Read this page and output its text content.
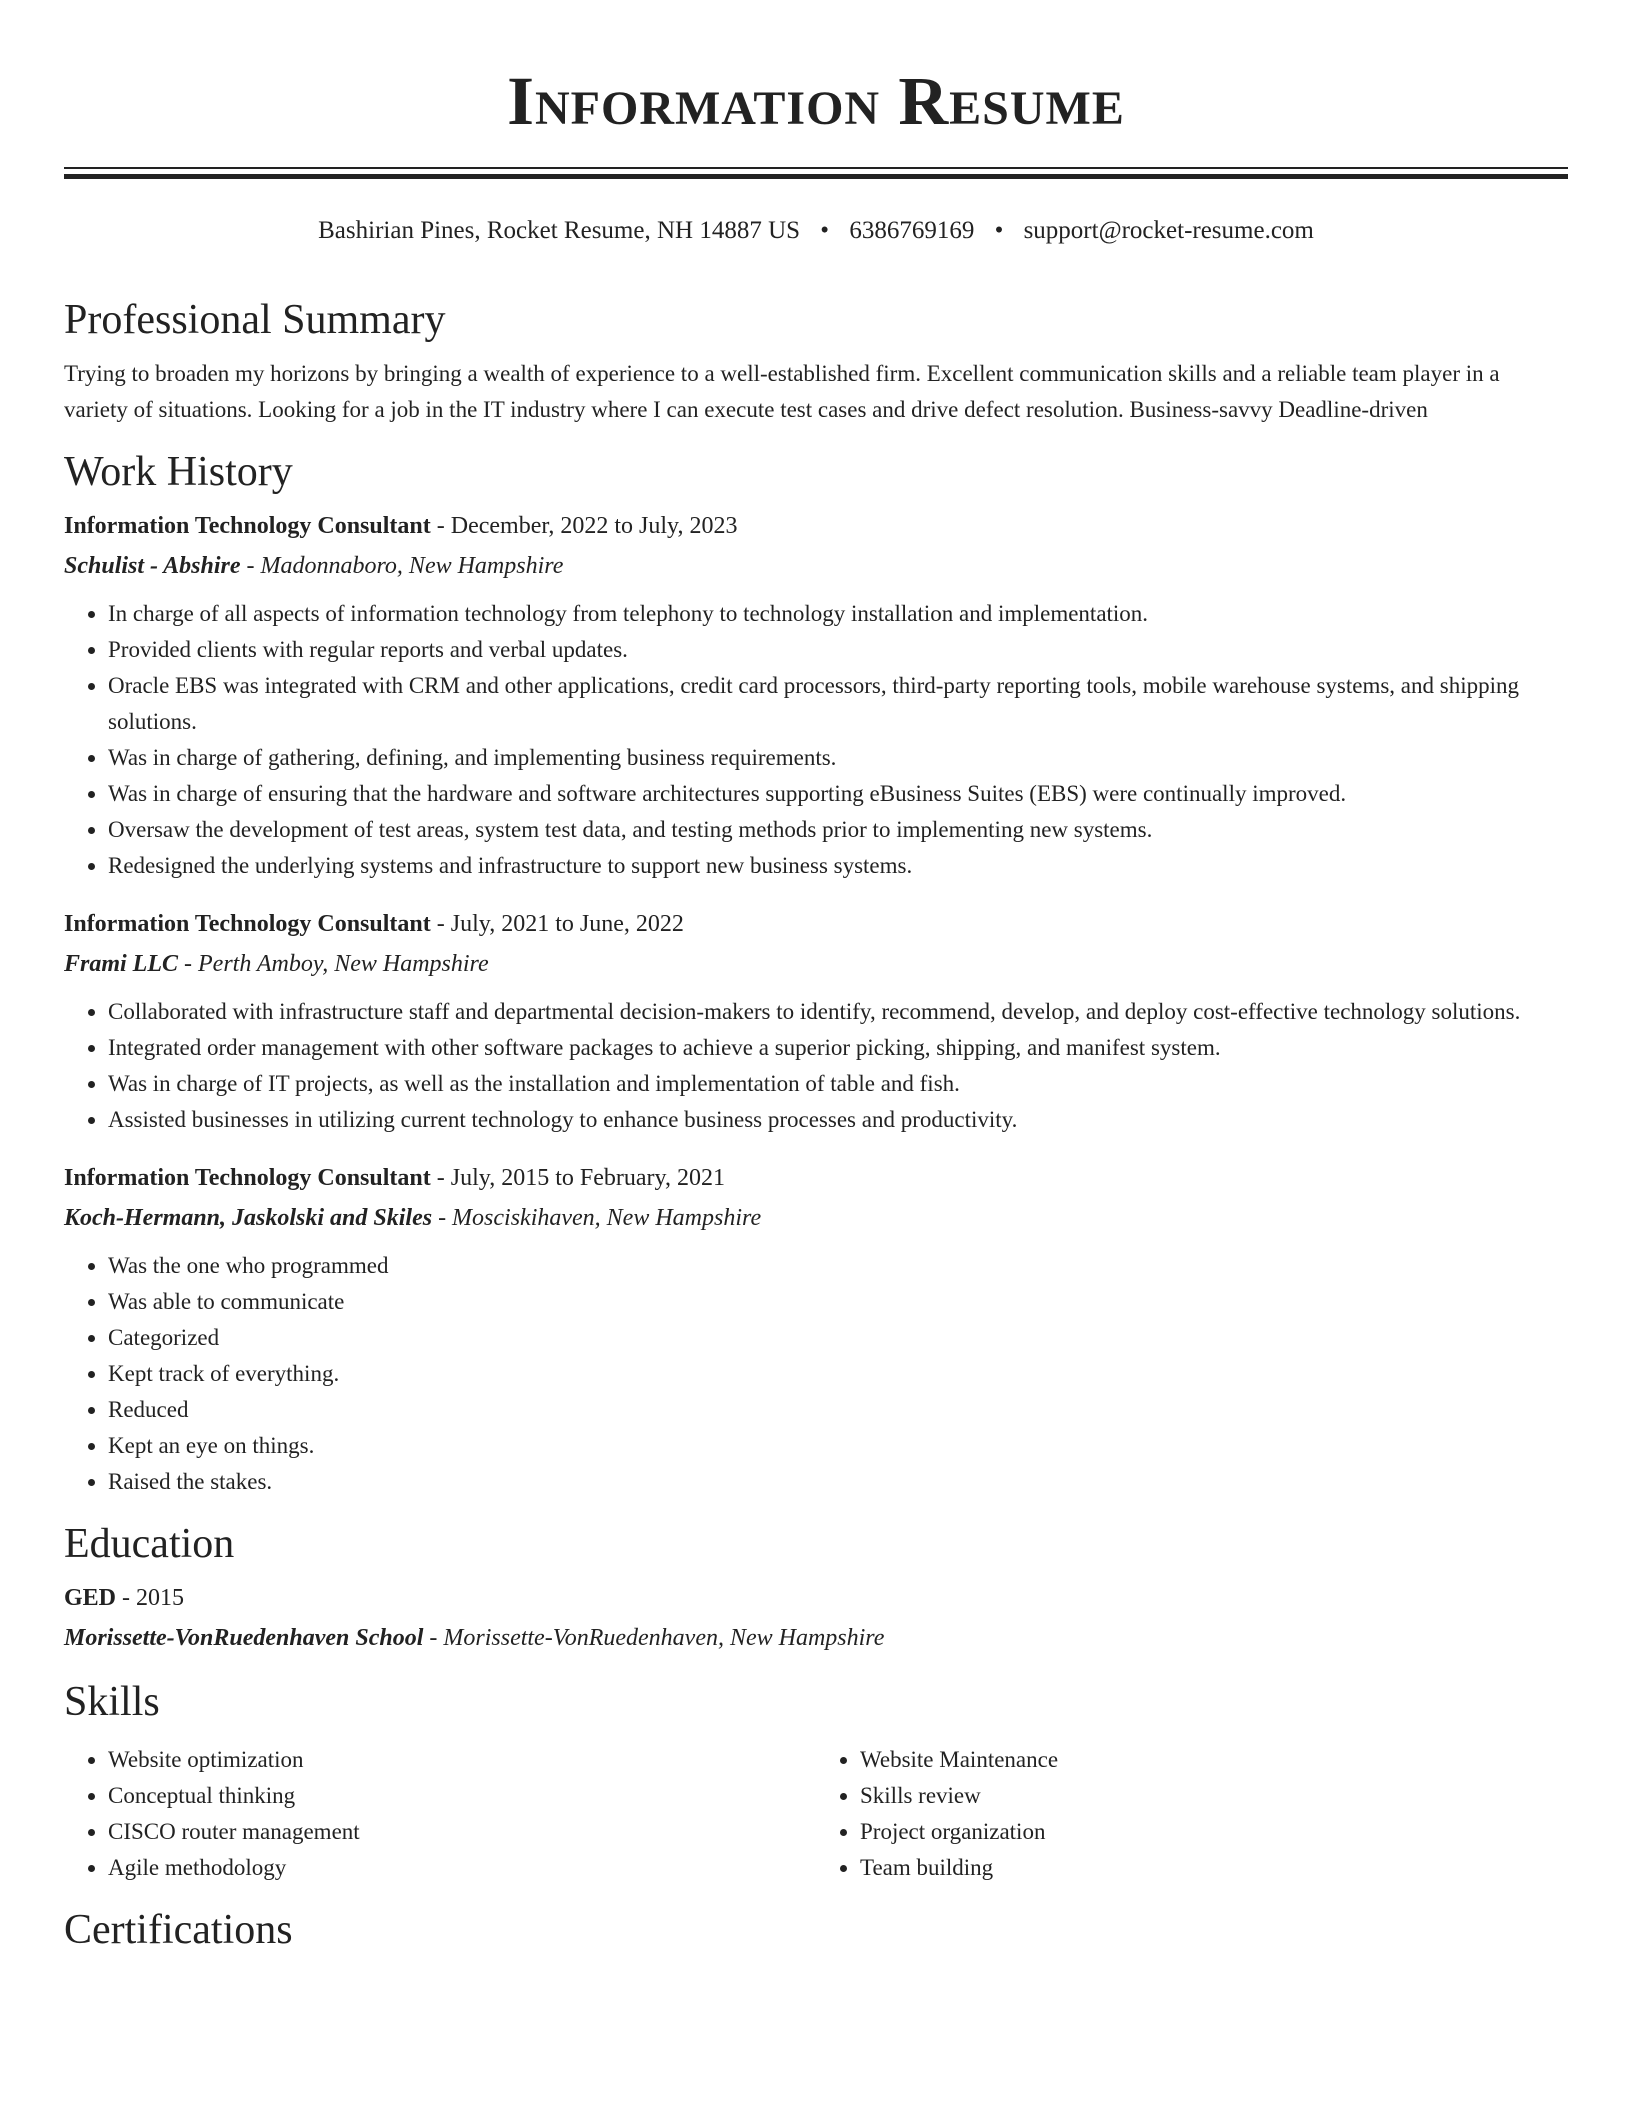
Information Resume
Bashirian Pines, Rocket Resume, NH 14887 US • 6386769169 • support@rocket-resume.com
Professional Summary

Trying to broaden my horizons by bringing a wealth of experience to a well-established firm. Excellent communication skills and a reliable team player in a variety of situations. Looking for a job in the IT industry where I can execute test cases and drive defect resolution. Business-savvy Deadline-driven

Work History
Information Technology Consultant - December, 2022 to July, 2023
Schulist - Abshire - Madonnaboro, New Hampshire
• In charge of all aspects of information technology from telephony to technology installation and implementation.
• Provided clients with regular reports and verbal updates.
• Oracle EBS was integrated with CRM and other applications, credit card processors, third-party reporting tools, mobile warehouse systems, and shipping solutions.
• Was in charge of gathering, defining, and implementing business requirements.
• Was in charge of ensuring that the hardware and software architectures supporting eBusiness Suites (EBS) were continually improved.
• Oversaw the development of test areas, system test data, and testing methods prior to implementing new systems.
• Redesigned the underlying systems and infrastructure to support new business systems.
Information Technology Consultant - July, 2021 to June, 2022
Frami LLC - Perth Amboy, New Hampshire
• Collaborated with infrastructure staff and departmental decision-makers to identify, recommend, develop, and deploy cost-effective technology solutions.
• Integrated order management with other software packages to achieve a superior picking, shipping, and manifest system.
• Was in charge of IT projects, as well as the installation and implementation of table and fish.
• Assisted businesses in utilizing current technology to enhance business processes and productivity.
Information Technology Consultant - July, 2015 to February, 2021
Koch-Hermann, Jaskolski and Skiles - Mosciskihaven, New Hampshire
• Was the one who programmed
• Was able to communicate
• Categorized
• Kept track of everything.
• Reduced
• Kept an eye on things.
• Raised the stakes.
Education
GED - 2015
Morissette-VonRuedenhaven School - Morissette-VonRuedenhaven, New Hampshire
Skills
• Website optimization
• Conceptual thinking
• CISCO router management
• Agile methodology
• Website Maintenance
• Skills review
• Project organization
• Team building
Certifications
